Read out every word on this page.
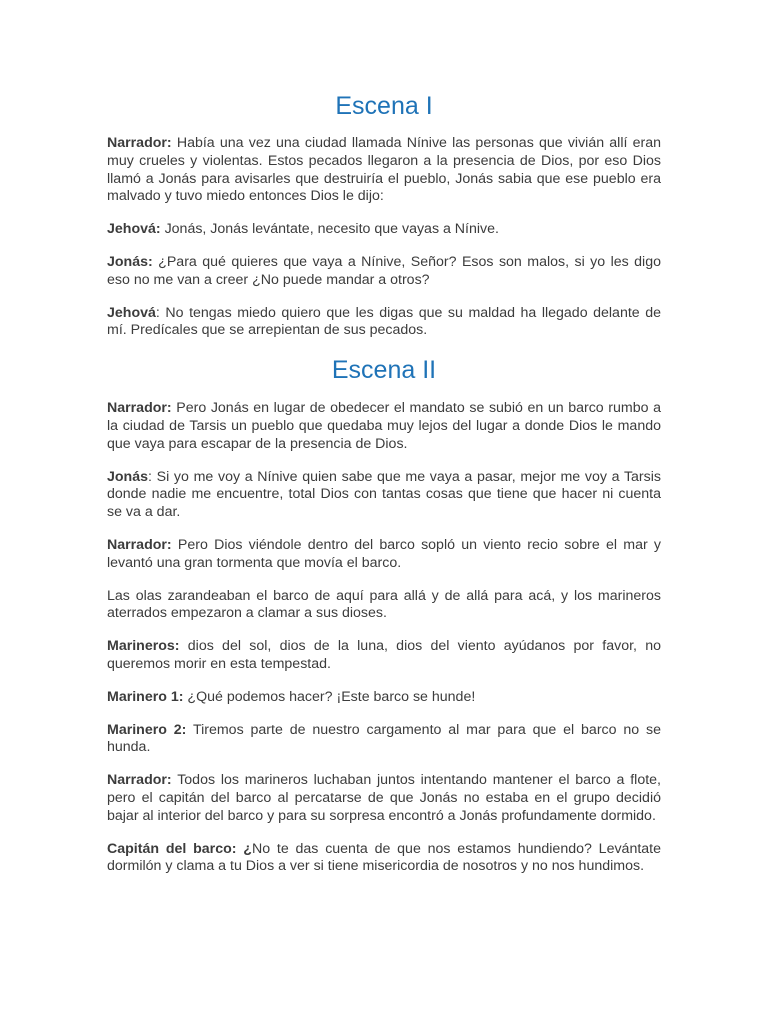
Escena I

Narrador: Había una vez una ciudad llamada Nínive las personas que vivián allí eran muy crueles y violentas. Estos pecados llegaron a la presencia de Dios, por eso Dios llamó a Jonás para avisarles que destruiría el pueblo, Jonás sabia que ese pueblo era malvado y tuvo miedo entonces Dios le dijo:

Jehová: Jonás, Jonás levántate, necesito que vayas a Nínive.

Jonás: ¿Para qué quieres que vaya a Nínive, Señor? Esos son malos, si yo les digo eso no me van a creer ¿No puede mandar a otros?

Jehová: No tengas miedo quiero que les digas que su maldad ha llegado delante de mí. Predícales que se arrepientan de sus pecados.

Escena II

Narrador: Pero Jonás en lugar de obedecer el mandato se subió en un barco rumbo a la ciudad de Tarsis un pueblo que quedaba muy lejos del lugar a donde Dios le mando que vaya para escapar de la presencia de Dios.

Jonás: Si yo me voy a Nínive quien sabe que me vaya a pasar, mejor me voy a Tarsis donde nadie me encuentre, total Dios con tantas cosas que tiene que hacer ni cuenta se va a dar.

Narrador: Pero Dios viéndole dentro del barco sopló un viento recio sobre el mar y levantó una gran tormenta que movía el barco.

Las olas zarandeaban el barco de aquí para allá y de allá para acá, y los marineros aterrados empezaron a clamar a sus dioses.

Marineros: dios del sol, dios de la luna, dios del viento ayúdanos por favor, no queremos morir en esta tempestad.

Marinero 1: ¿Qué podemos hacer? ¡Este barco se hunde!

Marinero 2: Tiremos parte de nuestro cargamento al mar para que el barco no se hunda.

Narrador: Todos los marineros luchaban juntos intentando mantener el barco a flote, pero el capitán del barco al percatarse de que Jonás no estaba en el grupo decidió bajar al interior del barco y para su sorpresa encontró a Jonás profundamente dormido.

Capitán del barco: ¿No te das cuenta de que nos estamos hundiendo? Levántate dormilón y clama a tu Dios a ver si tiene misericordia de nosotros y no nos hundimos.
